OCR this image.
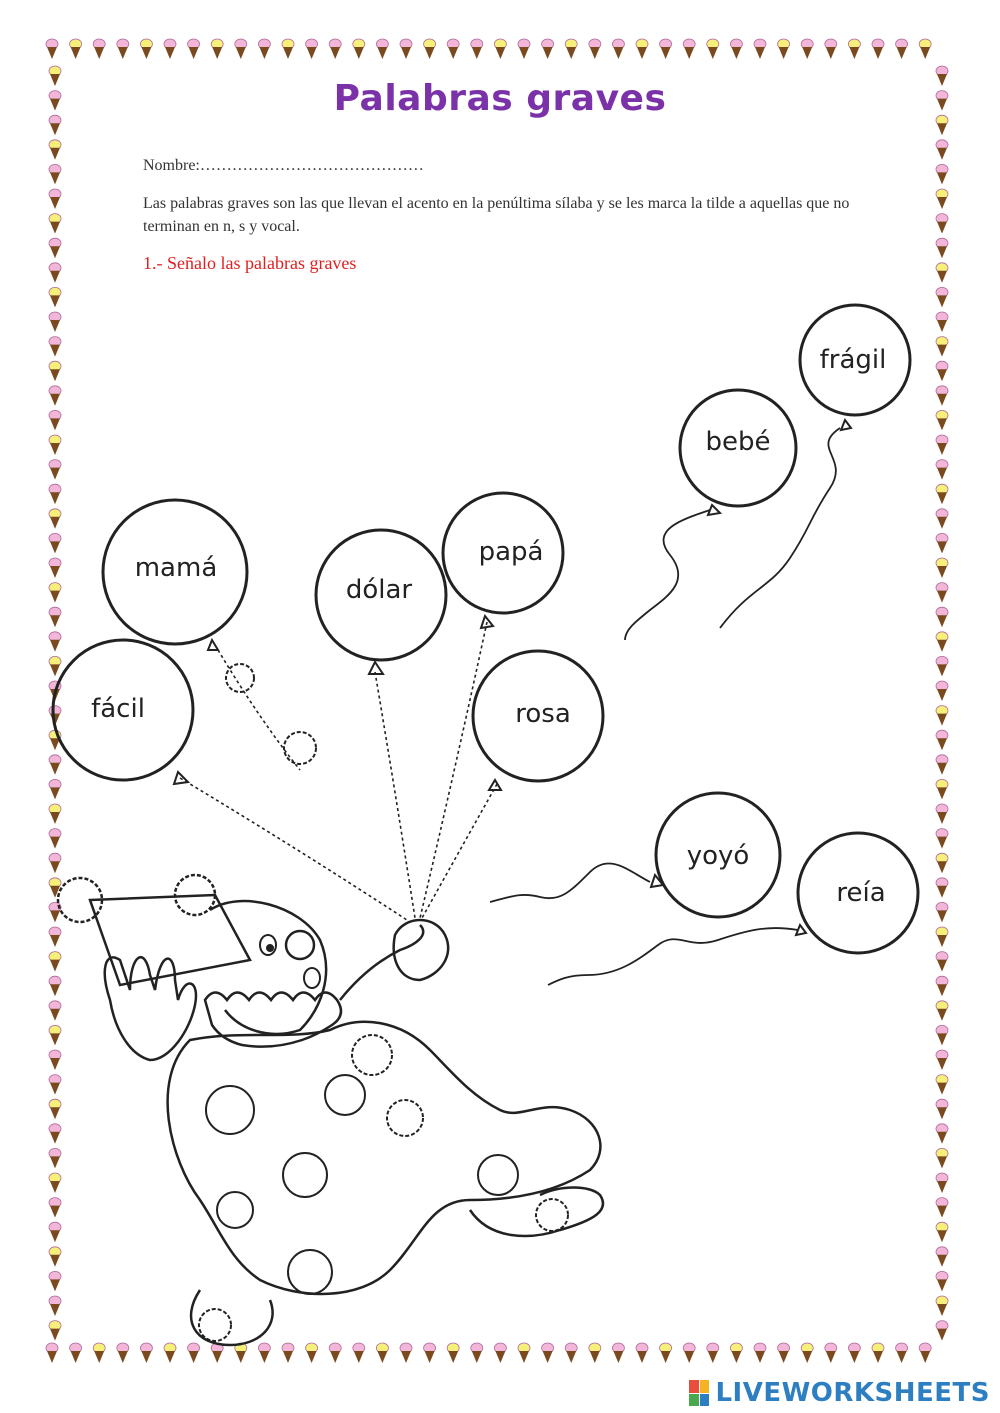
Palabras graves
Nombre:……………………………………
Las palabras graves son las que llevan el acento en la penúltima sílaba y se les marca la tilde a aquellas que no terminan en n, s y vocal.
1.- Señalo las palabras graves
frágil
bebé
mamá
dólar
papá
fácil	rosa
yoyó
reía
LIVEWORKSHEETS
